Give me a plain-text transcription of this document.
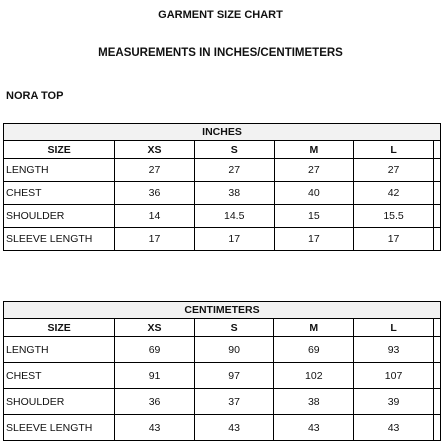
GARMENT SIZE CHART
MEASUREMENTS IN INCHES/CENTIMETERS
NORA TOP
INCHES					
SIZE	XS	S	M	L	
LENGTH	27	27	27	27	
CHEST	36	38	40	42	
SHOULDER	14	14.5	15	15.5	
SLEEVE LENGTH	17	17	17	17	
CENTIMETERS					
SIZE	XS	S	M	L	
LENGTH	69	90	69	93	
CHEST	91	97	102	107	
SHOULDER	36	37	38	39	
SLEEVE LENGTH	43	43	43	43	
